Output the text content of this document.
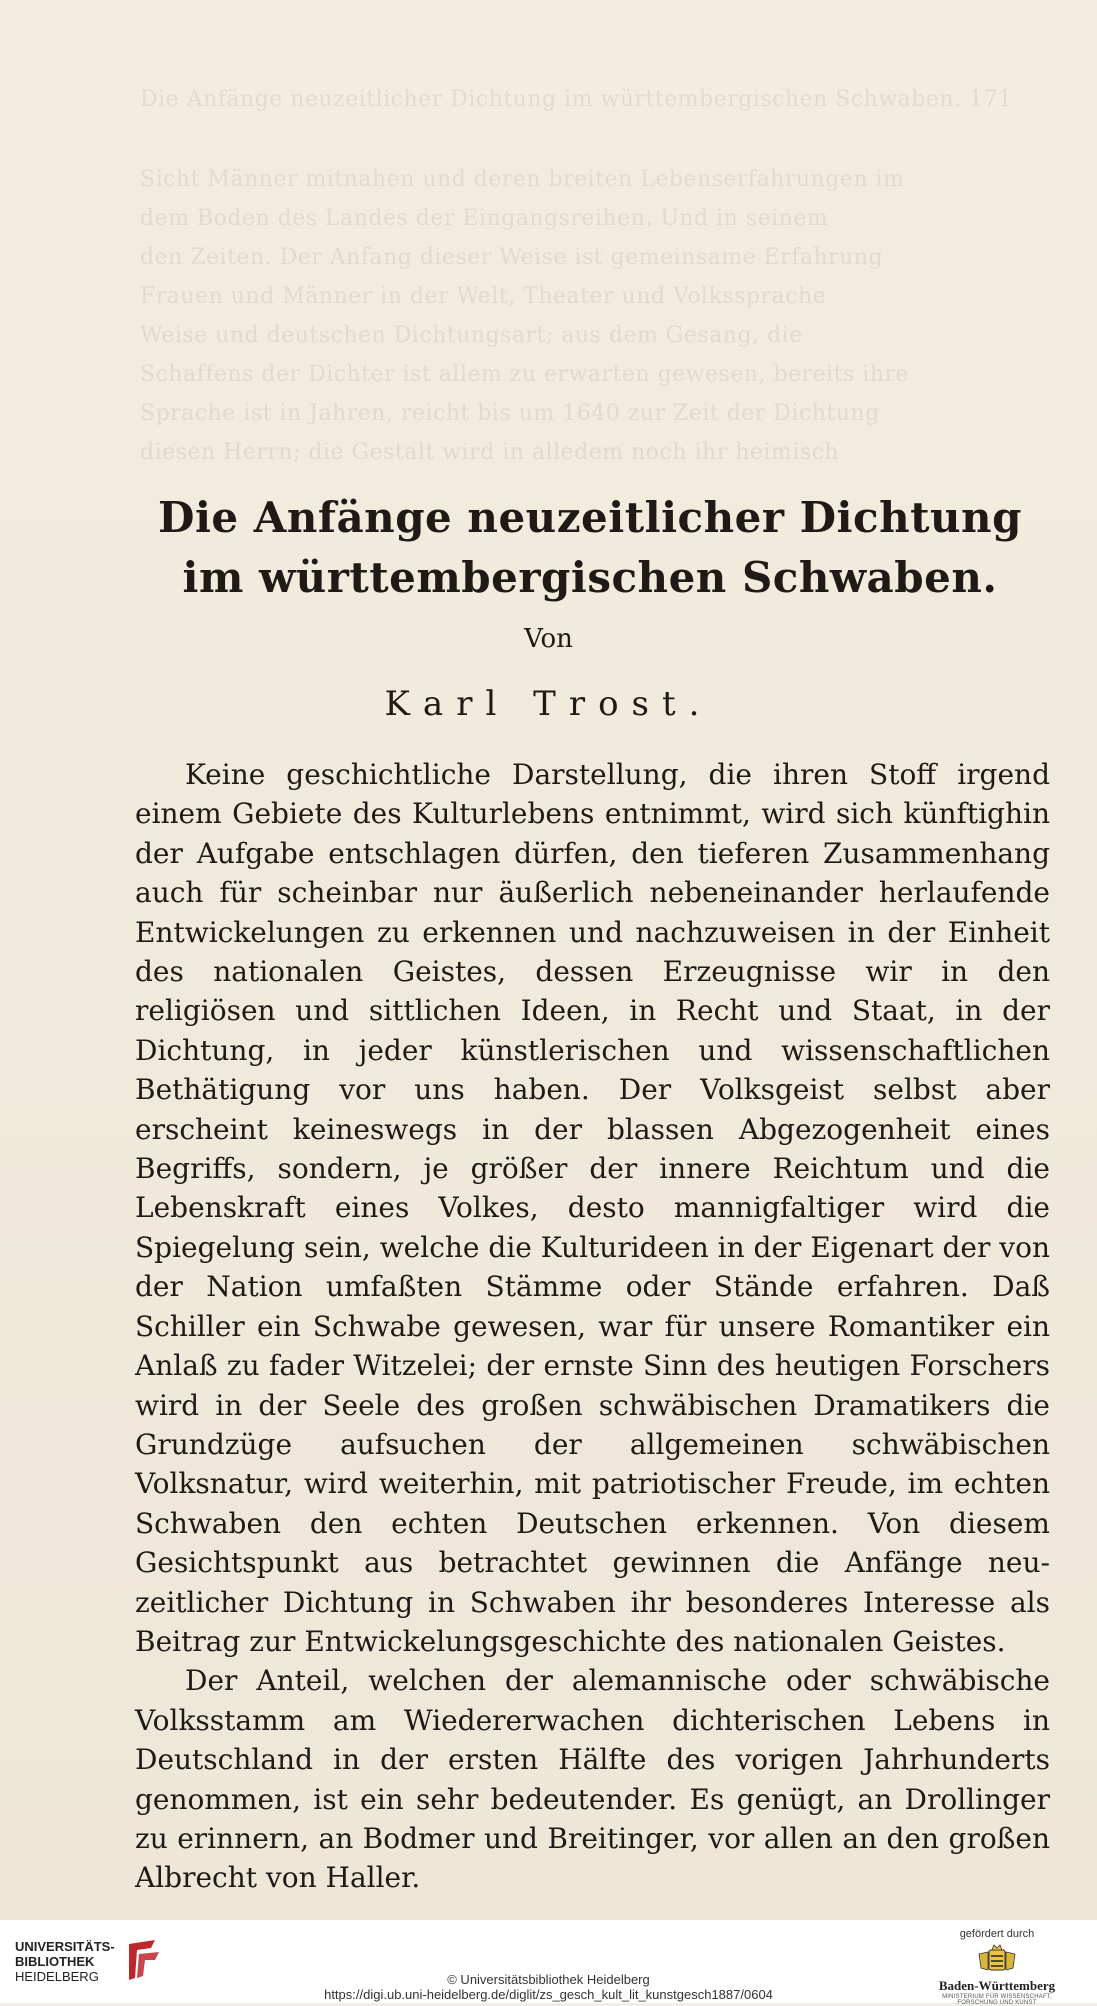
Die Anfänge neuzeitlicher Dichtung im württembergischen Schwaben. 171
Sicht Männer mitnahen und deren breiten Lebenserfahrungen im
dem Boden des Landes der Eingangsreihen. Und in seinem
den Zeiten. Der Anfang dieser Weise ist gemeinsame Erfahrung
Frauen und Männer in der Welt, Theater und Volkssprache
Weise und deutschen Dichtungsart; aus dem Gesang, die
Schaffens der Dichter ist allem zu erwarten gewesen, bereits ihre
Sprache ist in Jahren, reicht bis um 1640 zur Zeit der Dichtung
diesen Herrn; die Gestalt wird in alledem noch ihr heimisch
Die Anfänge neuzeitlicher Dichtung im württembergischen Schwaben.
Von
Karl Trost.

Keine geschichtliche Darstellung, die ihren Stoff irgend einem Gebiete des Kulturlebens entnimmt, wird sich künftighin der Aufgabe entschlagen dürfen, den tieferen Zusammenhang auch für scheinbar nur äußerlich nebeneinander herlaufende Entwickelungen zu erkennen und nachzuweisen in der Einheit des nationalen Geistes, dessen Erzeugnisse wir in den religiösen und sittlichen Ideen, in Recht und Staat, in der Dichtung, in jeder künstlerischen und wissenschaftlichen Bethätigung vor uns haben. Der Volksgeist selbst aber erscheint keineswegs in der blassen Abgezogenheit eines Begriffs, sondern, je größer der innere Reichtum und die Lebenskraft eines Volkes, desto mannigfaltiger wird die Spiegelung sein, welche die Kulturideen in der Eigenart der von der Nation umfaßten Stämme oder Stände erfahren. Daß Schiller ein Schwabe gewesen, war für unsere Romantiker ein Anlaß zu fader Witzelei; der ernste Sinn des heutigen Forschers wird in der Seele des großen schwäbischen Dramatikers die Grundzüge aufsuchen der allgemeinen schwäbischen Volksnatur, wird weiterhin, mit patriotischer Freude, im echten Schwaben den echten Deutschen erkennen. Von diesem Gesichtspunkt aus betrachtet gewinnen die Anfänge neuzeitlicher Dichtung in Schwaben ihr besonderes Interesse als Beitrag zur Entwickelungsgeschichte des nationalen Geistes.

Der Anteil, welchen der alemannische oder schwäbische Volksstamm am Wiedererwachen dichterischen Lebens in Deutschland in der ersten Hälfte des vorigen Jahrhunderts genommen, ist ein sehr bedeutender. Es genügt, an Drollinger zu erinnern, an Bodmer und Breitinger, vor allen an den großen Albrecht von Haller.

UNIVERSITÄTS-
BIBLIOTHEK
HEIDELBERG	© Universitätsbibliothek Heidelberg
https://digi.ub.uni-heidelberg.de/diglit/zs_gesch_kult_lit_kunstgesch1887/0604
gefördert durch
Baden-Württemberg
MINISTERIUM FÜR WISSENSCHAFT, FORSCHUNG UND KUNST
